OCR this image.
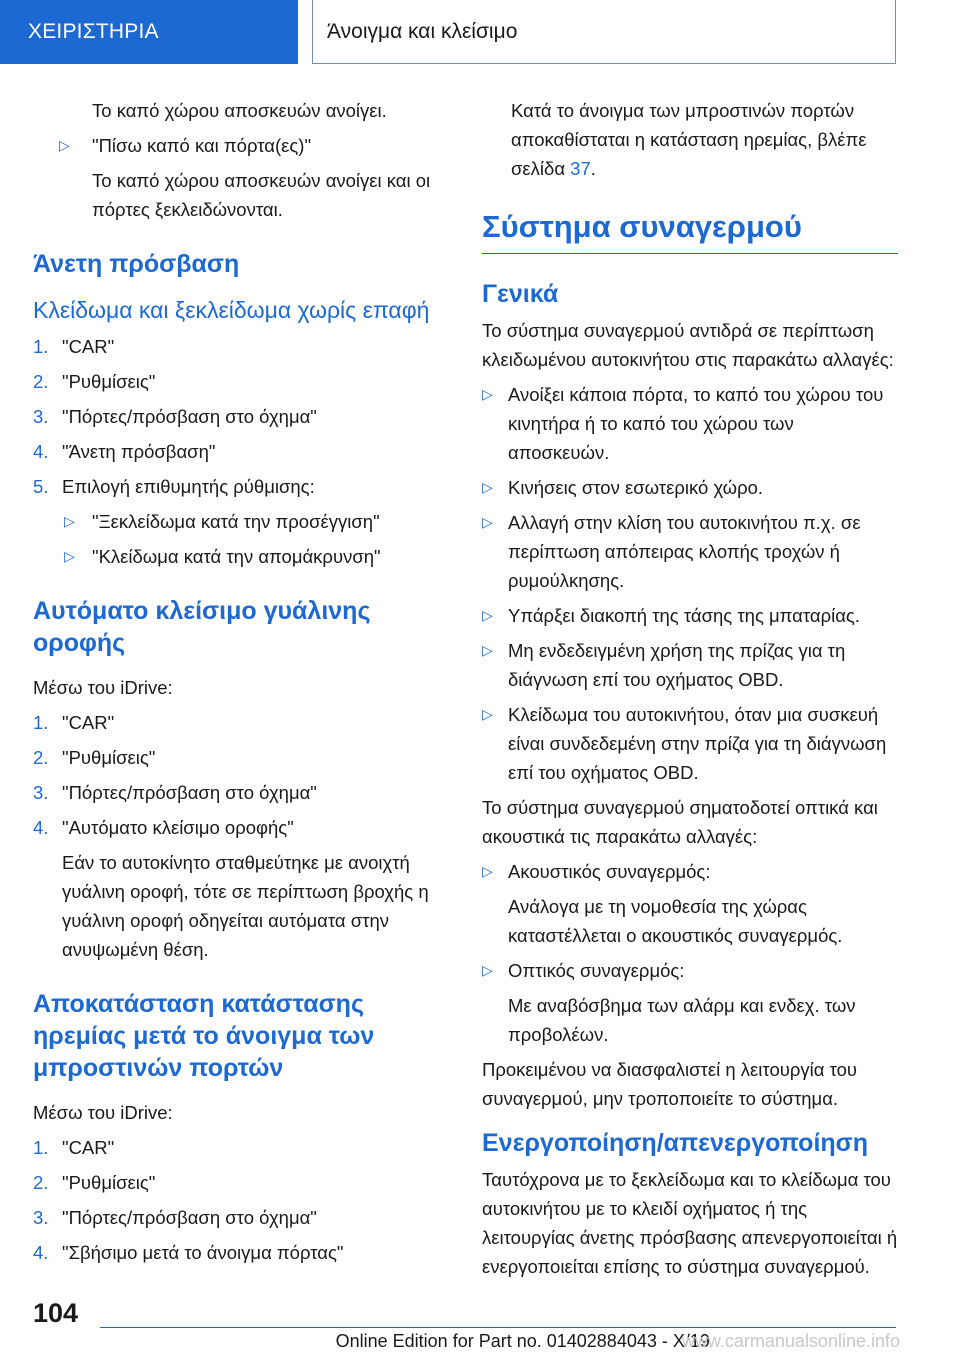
ΧΕΙΡΙΣΤΗΡΙΑ	Άνοιγμα και κλείσιμο

Το καπό χώρου αποσκευών ανοίγει.

▷ "Πίσω καπό και πόρτα(ες)"

Το καπό χώρου αποσκευών ανοίγει και οι πόρτες ξεκλειδώνονται.

Άνετη πρόσβαση
Κλείδωμα και ξεκλείδωμα χωρίς επαφή
1. "CAR"
2. "Ρυθμίσεις"
3. "Πόρτες/πρόσβαση στο όχημα"
4. "Άνετη πρόσβαση"
5. Επιλογή επιθυμητής ρύθμισης:
▷ "Ξεκλείδωμα κατά την προσέγγιση"
▷ "Κλείδωμα κατά την απομάκρυνση"
Αυτόματο κλείσιμο γυάλινης οροφής

Μέσω του iDrive:

1. "CAR"
2. "Ρυθμίσεις"
3. "Πόρτες/πρόσβαση στο όχημα"
4. "Αυτόματο κλείσιμο οροφής"

Εάν το αυτοκίνητο σταθμεύτηκε με ανοιχτή γυάλινη οροφή, τότε σε περίπτωση βροχής η γυάλινη οροφή οδηγείται αυτόματα στην ανυψωμένη θέση.

Αποκατάσταση κατάστασης ηρεμίας μετά το άνοιγμα των μπροστινών πορτών

Μέσω του iDrive:

1. "CAR"
2. "Ρυθμίσεις"
3. "Πόρτες/πρόσβαση στο όχημα"
4. "Σβήσιμο μετά το άνοιγμα πόρτας"

Κατά το άνοιγμα των μπροστινών πορτών αποκαθίσταται η κατάσταση ηρεμίας, βλέπε σελίδα 37.

Σύστημα συναγερμού
Γενικά

Το σύστημα συναγερμού αντιδρά σε περίπτωση κλειδωμένου αυτοκινήτου στις παρακάτω αλλαγές:

▷ Ανοίξει κάποια πόρτα, το καπό του χώρου του κινητήρα ή το καπό του χώρου των αποσκευών.
▷ Κινήσεις στον εσωτερικό χώρο.
▷ Αλλαγή στην κλίση του αυτοκινήτου π.χ. σε περίπτωση απόπειρας κλοπής τροχών ή ρυμούλκησης.
▷ Υπάρξει διακοπή της τάσης της μπαταρίας.
▷ Μη ενδεδειγμένη χρήση της πρίζας για τη διάγνωση επί του οχήματος OBD.
▷ Κλείδωμα του αυτοκινήτου, όταν μια συσκευή είναι συνδεδεμένη στην πρίζα για τη διάγνωση επί του οχήματος OBD.

Το σύστημα συναγερμού σηματοδοτεί οπτικά και ακουστικά τις παρακάτω αλλαγές:

▷ Ακουστικός συναγερμός:

Ανάλογα με τη νομοθεσία της χώρας καταστέλλεται ο ακουστικός συναγερμός.

▷ Οπτικός συναγερμός:

Με αναβόσβημα των αλάρμ και ενδεχ. των προβολέων.

Προκειμένου να διασφαλιστεί η λειτουργία του συναγερμού, μην τροποποιείτε το σύστημα.

Ενεργοποίηση/απενεργοποίηση

Ταυτόχρονα με το ξεκλείδωμα και το κλείδωμα του αυτοκινήτου με το κλειδί οχήματος ή της λειτουργίας άνετης πρόσβασης απενεργοποιείται ή ενεργοποιείται επίσης το σύστημα συναγερμού.

104
Online Edition for Part no. 01402884043 - X/19www.carmanualsonline.info
